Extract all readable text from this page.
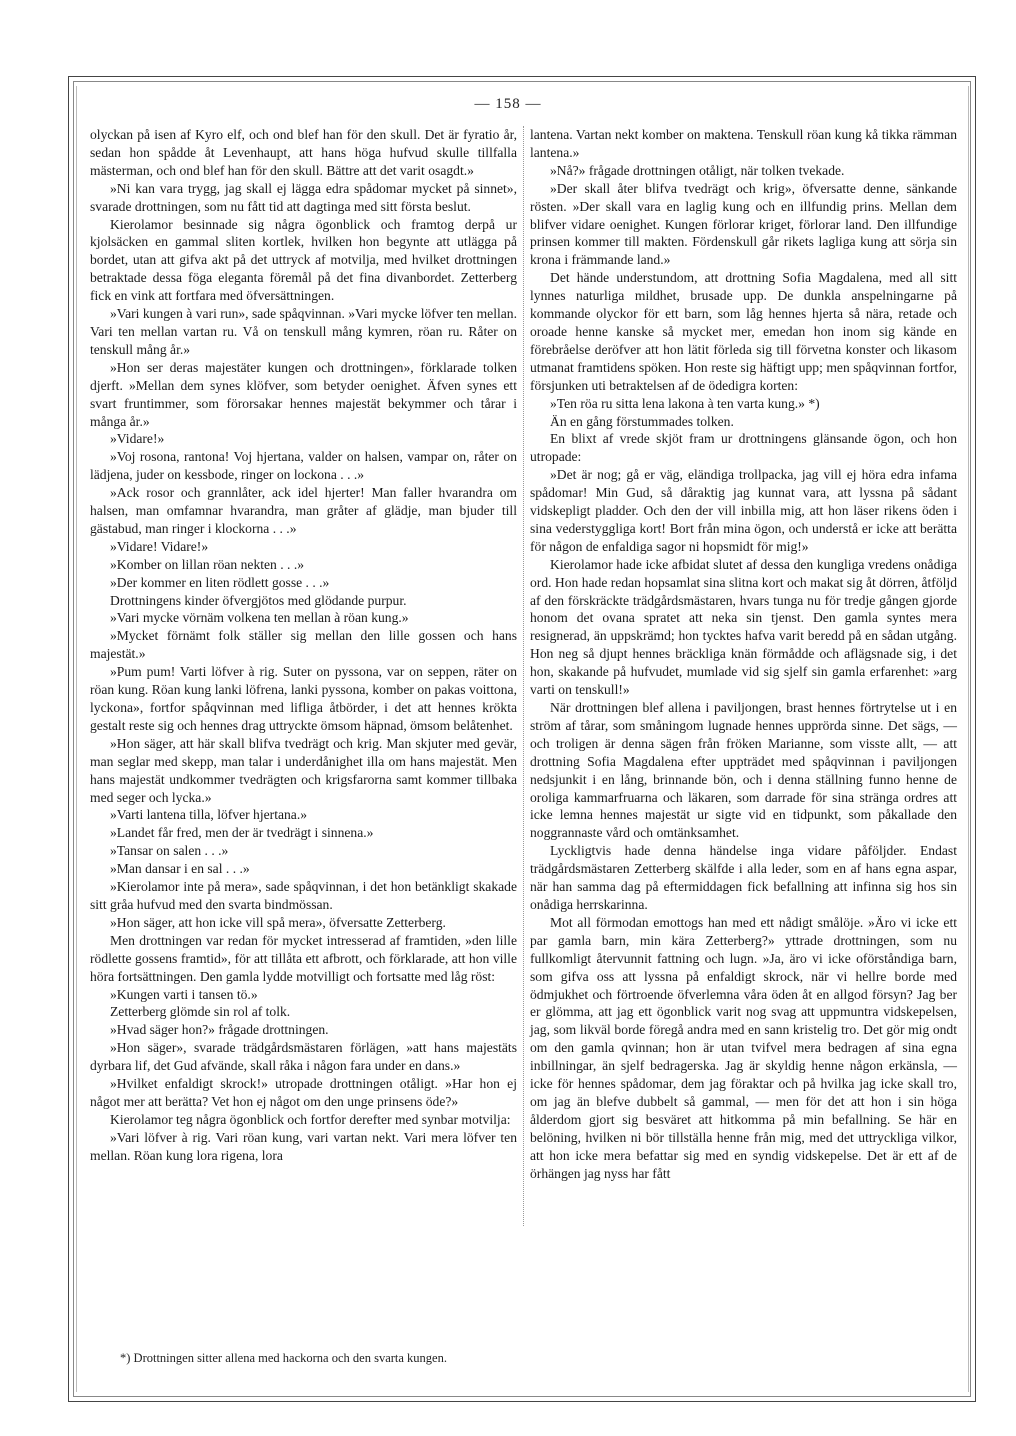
— 158 —

olyckan på isen af Kyro elf, och ond blef han för den skull. Det är fyratio år, sedan hon spådde åt Levenhaupt, att hans höga hufvud skulle tillfalla mästerman, och ond blef han för den skull. Bättre att det varit osagdt.»

»Ni kan vara trygg, jag skall ej lägga edra spådomar mycket på sinnet», svarade drottningen, som nu fått tid att dagtinga med sitt första beslut.

Kierolamor besinnade sig några ögonblick och framtog derpå ur kjolsäcken en gammal sliten kortlek, hvilken hon begynte att utlägga på bordet, utan att gifva akt på det uttryck af motvilja, med hvilket drottningen betraktade dessa föga eleganta föremål på det fina divanbordet. Zetterberg fick en vink att fortfara med öfversättningen.

»Vari kungen à vari run», sade spåqvinnan. »Vari mycke löfver ten mellan. Vari ten mellan vartan ru. Vå on tenskull mång kymren, röan ru. Råter on tenskull mång år.»

»Hon ser deras majestäter kungen och drottningen», förklarade tolken djerft. »Mellan dem synes klöfver, som betyder oenighet. Äfven synes ett svart fruntimmer, som förorsakar hennes majestät bekymmer och tårar i många år.»

»Vidare!»

»Voj rosona, rantona! Voj hjertana, valder on halsen, vampar on, råter on lädjena, juder on kessbode, ringer on lockona . . .»

»Ack rosor och grannlåter, ack idel hjerter! Man faller hvarandra om halsen, man omfamnar hvarandra, man gråter af glädje, man bjuder till gästabud, man ringer i klockorna . . .»

»Vidare! Vidare!»

»Komber on lillan röan nekten . . .»

»Der kommer en liten rödlett gosse . . .»

Drottningens kinder öfvergjötos med glödande purpur.

»Vari mycke vörnäm volkena ten mellan à röan kung.»

»Mycket förnämt folk ställer sig mellan den lille gossen och hans majestät.»

»Pum pum! Varti löfver à rig. Suter on pyssona, var on seppen, räter on röan kung. Röan kung lanki löfrena, lanki pyssona, komber on pakas voittona, lyckona», fortfor spåqvinnan med lifliga åtbörder, i det att hennes krökta gestalt reste sig och hennes drag uttryckte ömsom häpnad, ömsom belåtenhet.

»Hon säger, att här skall blifva tvedrägt och krig. Man skjuter med gevär, man seglar med skepp, man talar i underdånighet illa om hans majestät. Men hans majestät undkommer tvedrägten och krigsfarorna samt kommer tillbaka med seger och lycka.»

»Varti lantena tilla, löfver hjertana.»

»Landet får fred, men der är tvedrägt i sinnena.»

»Tansar on salen . . .»

»Man dansar i en sal . . .»

»Kierolamor inte på mera», sade spåqvinnan, i det hon betänkligt skakade sitt gråa hufvud med den svarta bindmössan.

»Hon säger, att hon icke vill spå mera», öfversatte Zetterberg.

Men drottningen var redan för mycket intresserad af framtiden, »den lille rödlette gossens framtid», för att tillåta ett afbrott, och förklarade, att hon ville höra fortsättningen. Den gamla lydde motvilligt och fortsatte med låg röst:

»Kungen varti i tansen tö.»

Zetterberg glömde sin rol af tolk.

»Hvad säger hon?» frågade drottningen.

»Hon säger», svarade trädgårdsmästaren förlägen, »att hans majestäts dyrbara lif, det Gud afvände, skall råka i någon fara under en dans.»

»Hvilket enfaldigt skrock!» utropade drottningen otåligt. »Har hon ej något mer att berätta? Vet hon ej något om den unge prinsens öde?»

Kierolamor teg några ögonblick och fortfor derefter med synbar motvilja:

»Vari löfver à rig. Vari röan kung, vari vartan nekt. Vari mera löfver ten mellan. Röan kung lora rigena, lora

lantena. Vartan nekt komber on maktena. Tenskull röan kung kå tikka rämman lantena.»

»Nå?» frågade drottningen otåligt, när tolken tvekade.

»Der skall åter blifva tvedrägt och krig», öfversatte denne, sänkande rösten. »Der skall vara en laglig kung och en illfundig prins. Mellan dem blifver vidare oenighet. Kungen förlorar kriget, förlorar land. Den illfundige prinsen kommer till makten. Fördenskull går rikets lagliga kung att sörja sin krona i främmande land.»

Det hände understundom, att drottning Sofia Magdalena, med all sitt lynnes naturliga mildhet, brusade upp. De dunkla anspelningarne på kommande olyckor för ett barn, som låg hennes hjerta så nära, retade och oroade henne kanske så mycket mer, emedan hon inom sig kände en förebråelse deröfver att hon lätit förleda sig till förvetna konster och likasom utmanat framtidens spöken. Hon reste sig häftigt upp; men spåqvinnan fortfor, försjunken uti betraktelsen af de ödedigra korten:

»Ten röa ru sitta lena lakona à ten varta kung.» *)

Än en gång förstummades tolken.

En blixt af vrede skjöt fram ur drottningens glänsande ögon, och hon utropade:

»Det är nog; gå er väg, eländiga trollpacka, jag vill ej höra edra infama spådomar! Min Gud, så dåraktig jag kunnat vara, att lyssna på sådant vidskepligt pladder. Och den der vill inbilla mig, att hon läser rikens öden i sina vederstyggliga kort! Bort från mina ögon, och understå er icke att berätta för någon de enfaldiga sagor ni hopsmidt för mig!»

Kierolamor hade icke afbidat slutet af dessa den kungliga vredens onådiga ord. Hon hade redan hopsamlat sina slitna kort och makat sig åt dörren, åtföljd af den förskräckte trädgårdsmästaren, hvars tunga nu för tredje gången gjorde honom det ovana spratet att neka sin tjenst. Den gamla syntes mera resignerad, än uppskrämd; hon tycktes hafva varit beredd på en sådan utgång. Hon neg så djupt hennes bräckliga knän förmådde och aflägsnade sig, i det hon, skakande på hufvudet, mumlade vid sig sjelf sin gamla erfarenhet: »arg varti on tenskull!»

När drottningen blef allena i paviljongen, brast hennes förtrytelse ut i en ström af tårar, som småningom lugnade hennes upprörda sinne. Det sägs, — och troligen är denna sägen från fröken Marianne, som visste allt, — att drottning Sofia Magdalena efter uppträdet med spåqvinnan i paviljongen nedsjunkit i en lång, brinnande bön, och i denna ställning funno henne de oroliga kammarfruarna och läkaren, som darrade för sina stränga ordres att icke lemna hennes majestät ur sigte vid en tidpunkt, som påkallade den noggrannaste vård och omtänksamhet.

Lyckligtvis hade denna händelse inga vidare påföljder. Endast trädgårdsmästaren Zetterberg skälfde i alla leder, som en af hans egna aspar, när han samma dag på eftermiddagen fick befallning att infinna sig hos sin onådiga herrskarinna.

Mot all förmodan emottogs han med ett nådigt smålöje. »Äro vi icke ett par gamla barn, min kära Zetterberg?» yttrade drottningen, som nu fullkomligt återvunnit fattning och lugn. »Ja, äro vi icke oförståndiga barn, som gifva oss att lyssna på enfaldigt skrock, när vi hellre borde med ödmjukhet och förtroende öfverlemna våra öden åt en allgod försyn? Jag ber er glömma, att jag ett ögonblick varit nog svag att uppmuntra vidskepelsen, jag, som likväl borde föregå andra med en sann kristelig tro. Det gör mig ondt om den gamla qvinnan; hon är utan tvifvel mera bedragen af sina egna inbillningar, än sjelf bedragerska. Jag är skyldig henne någon erkänsla, — icke för hennes spådomar, dem jag föraktar och på hvilka jag icke skall tro, om jag än blefve dubbelt så gammal, — men för det att hon i sin höga ålderdom gjort sig besväret att hitkomma på min befallning. Se här en belöning, hvilken ni bör tillställa henne från mig, med det uttryckliga vilkor, att hon icke mera befattar sig med en syndig vidskepelse. Det är ett af de örhängen jag nyss har fått

*) Drottningen sitter allena med hackorna och den svarta kungen.
